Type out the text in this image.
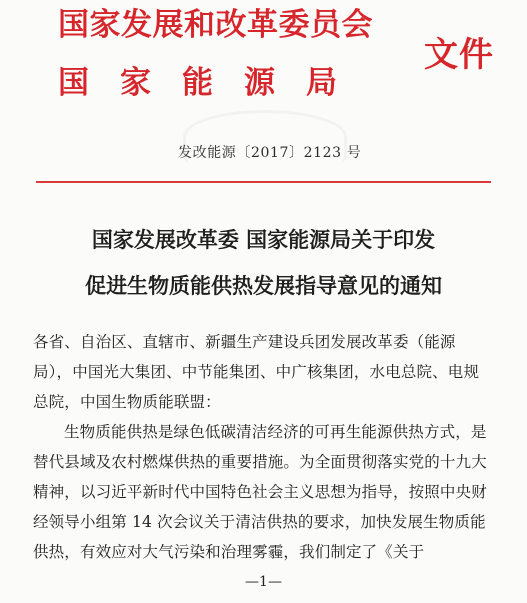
国家发展和改革委员会
国家能源局
文件
发改能源〔2017〕2123 号
国家发展改革委 国家能源局关于印发
促进生物质能供热发展指导意见的通知

各省、自治区、直辖市、新疆生产建设兵团发展改革委（能源局），中国光大集团、中节能集团、中广核集团，水电总院、电规总院，中国生物质能联盟：

生物质能供热是绿色低碳清洁经济的可再生能源供热方式，是替代县域及农村燃煤供热的重要措施。为全面贯彻落实党的十九大精神，以习近平新时代中国特色社会主义思想为指导，按照中央财经领导小组第 14 次会议关于清洁供热的要求，加快发展生物质能供热，有效应对大气污染和治理雾霾，我们制定了《关于

—1—
